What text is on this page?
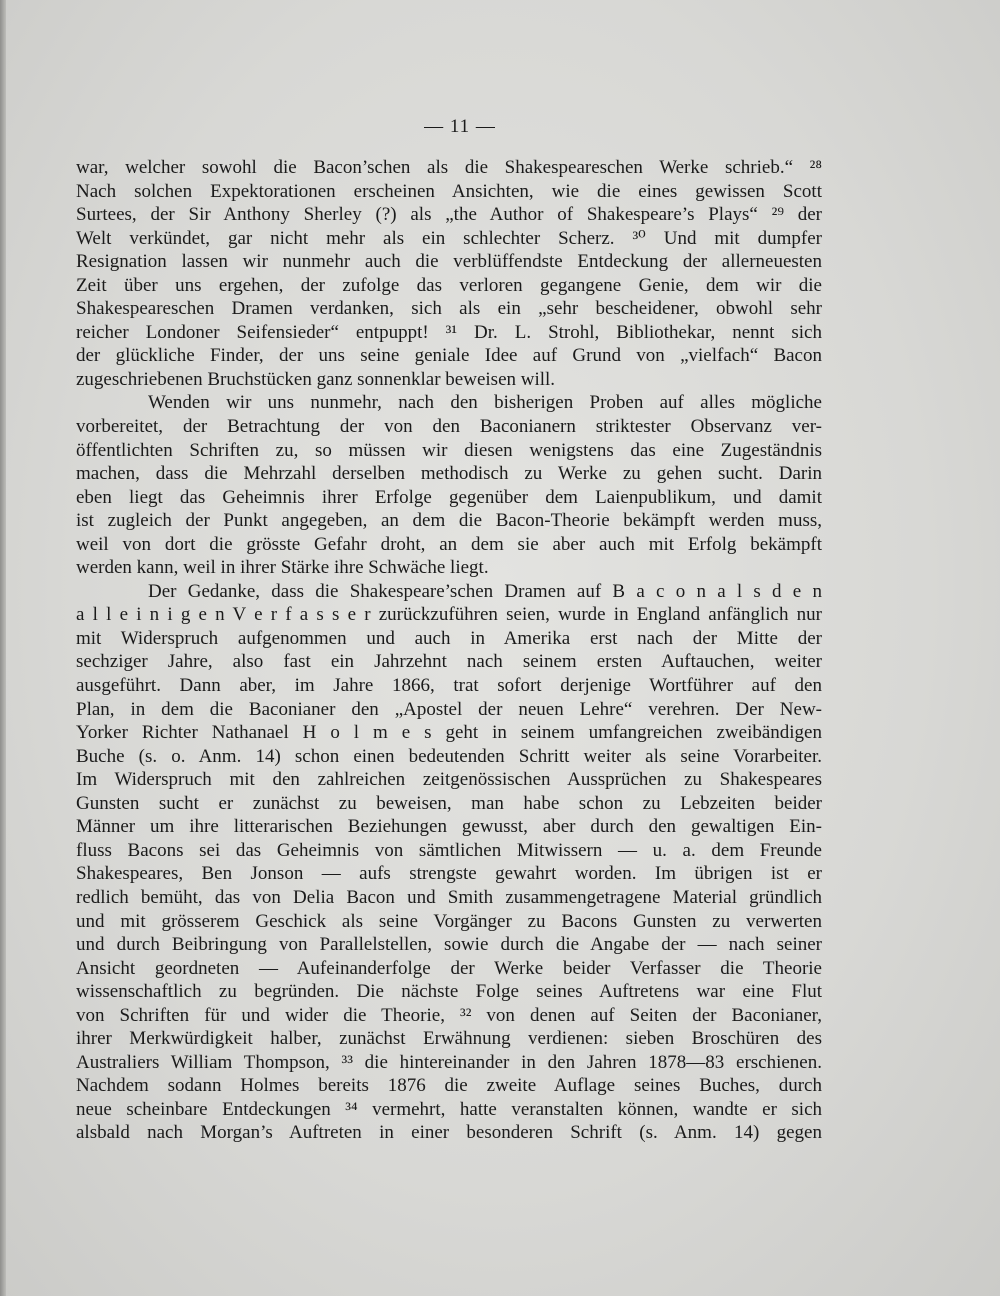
— 11 —
war, welcher sowohl die Bacon’schen als die Shakespeareschen Werke schrieb.“ ²⁸
Nach solchen Expektorationen erscheinen Ansichten, wie die eines gewissen Scott
Surtees, der Sir Anthony Sherley (?) als „the Author of Shakespeare’s Plays“ ²⁹ der
Welt verkündet, gar nicht mehr als ein schlechter Scherz. ³⁰ Und mit dumpfer
Resignation lassen wir nunmehr auch die verblüffendste Entdeckung der allerneuesten
Zeit über uns ergehen, der zufolge das verloren gegangene Genie, dem wir die
Shakespeareschen Dramen verdanken, sich als ein „sehr bescheidener, obwohl sehr
reicher Londoner Seifensieder“ entpuppt! ³¹ Dr. L. Strohl, Bibliothekar, nennt sich
der glückliche Finder, der uns seine geniale Idee auf Grund von „vielfach“ Bacon
zugeschriebenen Bruchstücken ganz sonnenklar beweisen will.
Wenden wir uns nunmehr, nach den bisherigen Proben auf alles mögliche
vorbereitet, der Betrachtung der von den Baconianern striktester Observanz ver-
öffentlichten Schriften zu, so müssen wir diesen wenigstens das eine Zugeständnis
machen, dass die Mehrzahl derselben methodisch zu Werke zu gehen sucht. Darin
eben liegt das Geheimnis ihrer Erfolge gegenüber dem Laienpublikum, und damit
ist zugleich der Punkt angegeben, an dem die Bacon-Theorie bekämpft werden muss,
weil von dort die grösste Gefahr droht, an dem sie aber auch mit Erfolg bekämpft
werden kann, weil in ihrer Stärke ihre Schwäche liegt.
Der Gedanke, dass die Shakespeare’schen Dramen auf B a c o n a l s d e n
a l l e i n i g e n V e r f a s s e r zurückzuführen seien, wurde in England anfänglich nur
mit Widerspruch aufgenommen und auch in Amerika erst nach der Mitte der
sechziger Jahre, also fast ein Jahrzehnt nach seinem ersten Auftauchen, weiter
ausgeführt. Dann aber, im Jahre 1866, trat sofort derjenige Wortführer auf den
Plan, in dem die Baconianer den „Apostel der neuen Lehre“ verehren. Der New-
Yorker Richter Nathanael H o l m e s geht in seinem umfangreichen zweibändigen
Buche (s. o. Anm. 14) schon einen bedeutenden Schritt weiter als seine Vorarbeiter.
Im Widerspruch mit den zahlreichen zeitgenössischen Aussprüchen zu Shakespeares
Gunsten sucht er zunächst zu beweisen, man habe schon zu Lebzeiten beider
Männer um ihre litterarischen Beziehungen gewusst, aber durch den gewaltigen Ein-
fluss Bacons sei das Geheimnis von sämtlichen Mitwissern — u. a. dem Freunde
Shakespeares, Ben Jonson — aufs strengste gewahrt worden. Im übrigen ist er
redlich bemüht, das von Delia Bacon und Smith zusammengetragene Material gründlich
und mit grösserem Geschick als seine Vorgänger zu Bacons Gunsten zu verwerten
und durch Beibringung von Parallelstellen, sowie durch die Angabe der — nach seiner
Ansicht geordneten — Aufeinanderfolge der Werke beider Verfasser die Theorie
wissenschaftlich zu begründen. Die nächste Folge seines Auftretens war eine Flut
von Schriften für und wider die Theorie, ³² von denen auf Seiten der Baconianer,
ihrer Merkwürdigkeit halber, zunächst Erwähnung verdienen: sieben Broschüren des
Australiers William Thompson, ³³ die hintereinander in den Jahren 1878—83 erschienen.
Nachdem sodann Holmes bereits 1876 die zweite Auflage seines Buches, durch
neue scheinbare Entdeckungen ³⁴ vermehrt, hatte veranstalten können, wandte er sich
alsbald nach Morgan’s Auftreten in einer besonderen Schrift (s. Anm. 14) gegen
